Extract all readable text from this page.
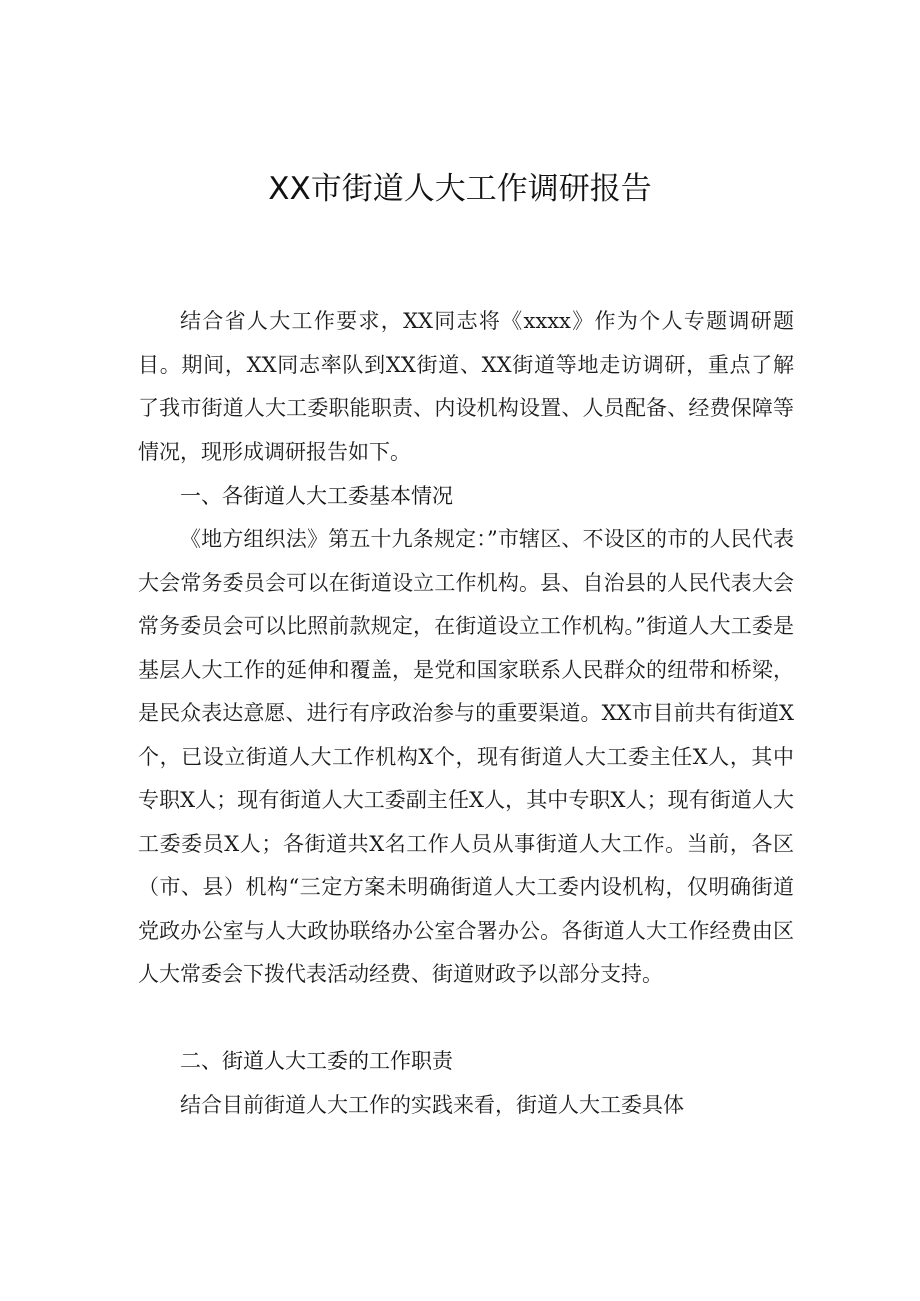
XX市街道人大工作调研报告

结合省人大工作要求，XX同志将《xxxx》作为个人专题调研题目。期间，XX同志率队到XX街道、XX街道等地走访调研，重点了解了我市街道人大工委职能职责、内设机构设置、人员配备、经费保障等情况，现形成调研报告如下。

一、各街道人大工委基本情况

《地方组织法》第五十九条规定：”市辖区、不设区的市的人民代表大会常务委员会可以在街道设立工作机构。县、自治县的人民代表大会常务委员会可以比照前款规定，在街道设立工作机构。”街道人大工委是基层人大工作的延伸和覆盖，是党和国家联系人民群众的纽带和桥梁，是民众表达意愿、进行有序政治参与的重要渠道。XX市目前共有街道X个，已设立街道人大工作机构X个，现有街道人大工委主任X人，其中专职X人；现有街道人大工委副主任X人，其中专职X人；现有街道人大工委委员X人；各街道共X名工作人员从事街道人大工作。当前，各区（市、县）机构“三定方案未明确街道人大工委内设机构，仅明确街道党政办公室与人大政协联络办公室合署办公。各街道人大工作经费由区人大常委会下拨代表活动经费、街道财政予以部分支持。

二、街道人大工委的工作职责

结合目前街道人大工作的实践来看，街道人大工委具体
